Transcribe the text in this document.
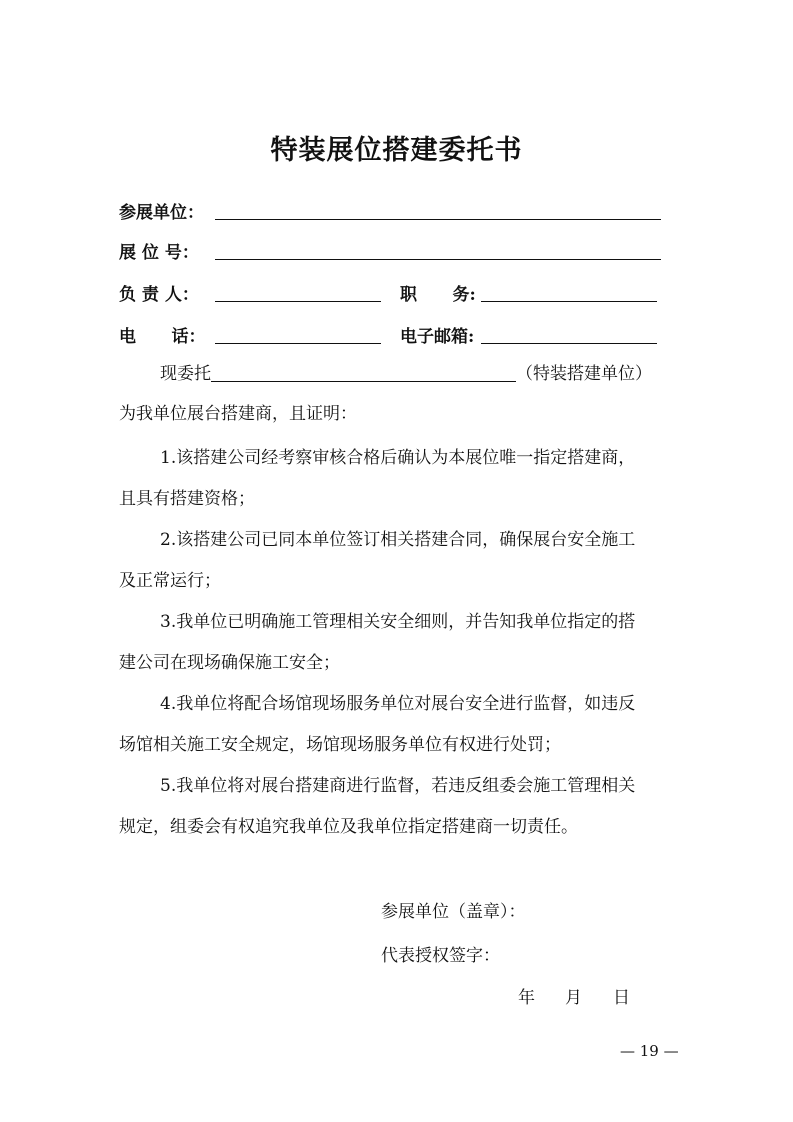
特装展位搭建委托书
参展单位：
展 位 号：
负 责 人：	职      务:
电      话：	电子邮箱:
现委托	（特装搭建单位）
为我单位展台搭建商，且证明：
1.该搭建公司经考察审核合格后确认为本展位唯一指定搭建商，
且具有搭建资格；
2.该搭建公司已同本单位签订相关搭建合同，确保展台安全施工
及正常运行；
3.我单位已明确施工管理相关安全细则，并告知我单位指定的搭
建公司在现场确保施工安全；
4.我单位将配合场馆现场服务单位对展台安全进行监督，如违反
场馆相关施工安全规定，场馆现场服务单位有权进行处罚；
5.我单位将对展台搭建商进行监督，若违反组委会施工管理相关
规定，组委会有权追究我单位及我单位指定搭建商一切责任。
参展单位（盖章）：
代表授权签字：
年 月 日
— 19 —
